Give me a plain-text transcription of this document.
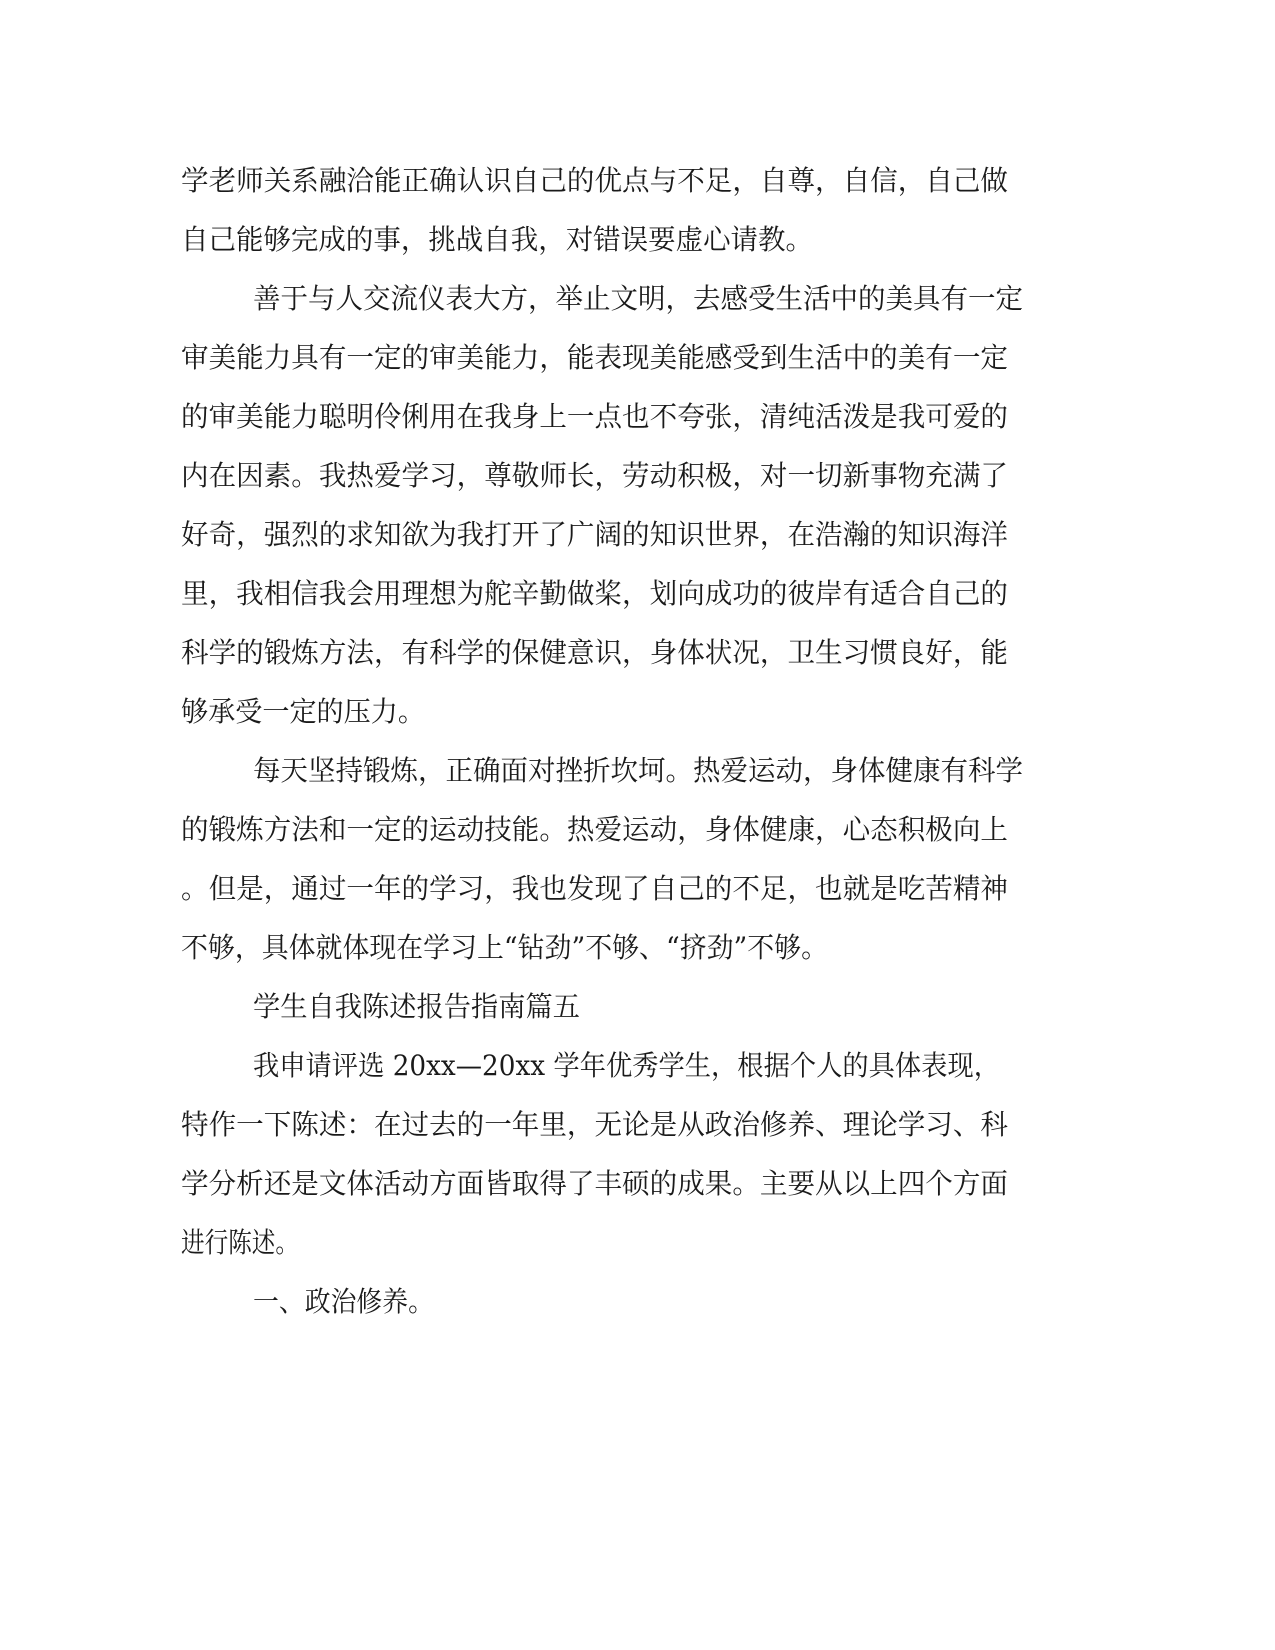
学老师关系融洽能正确认识自己的优点与不足，自尊，自信，自己做
自己能够完成的事，挑战自我，对错误要虚心请教。
善于与人交流仪表大方，举止文明，去感受生活中的美具有一定
审美能力具有一定的审美能力，能表现美能感受到生活中的美有一定
的审美能力聪明伶俐用在我身上一点也不夸张，清纯活泼是我可爱的
内在因素。我热爱学习，尊敬师长，劳动积极，对一切新事物充满了
好奇，强烈的求知欲为我打开了广阔的知识世界，在浩瀚的知识海洋
里，我相信我会用理想为舵辛勤做桨，划向成功的彼岸有适合自己的
科学的锻炼方法，有科学的保健意识，身体状况，卫生习惯良好，能
够承受一定的压力。
每天坚持锻炼，正确面对挫折坎坷。热爱运动，身体健康有科学
的锻炼方法和一定的运动技能。热爱运动，身体健康，心态积极向上
。但是，通过一年的学习，我也发现了自己的不足，也就是吃苦精神
不够，具体就体现在学习上“钻劲”不够、“挤劲”不够。
学生自我陈述报告指南篇五
我申请评选 20xx—20xx 学年优秀学生，根据个人的具体表现，
特作一下陈述：在过去的一年里，无论是从政治修养、理论学习、科
学分析还是文体活动方面皆取得了丰硕的成果。主要从以上四个方面
进行陈述。
一、政治修养。
